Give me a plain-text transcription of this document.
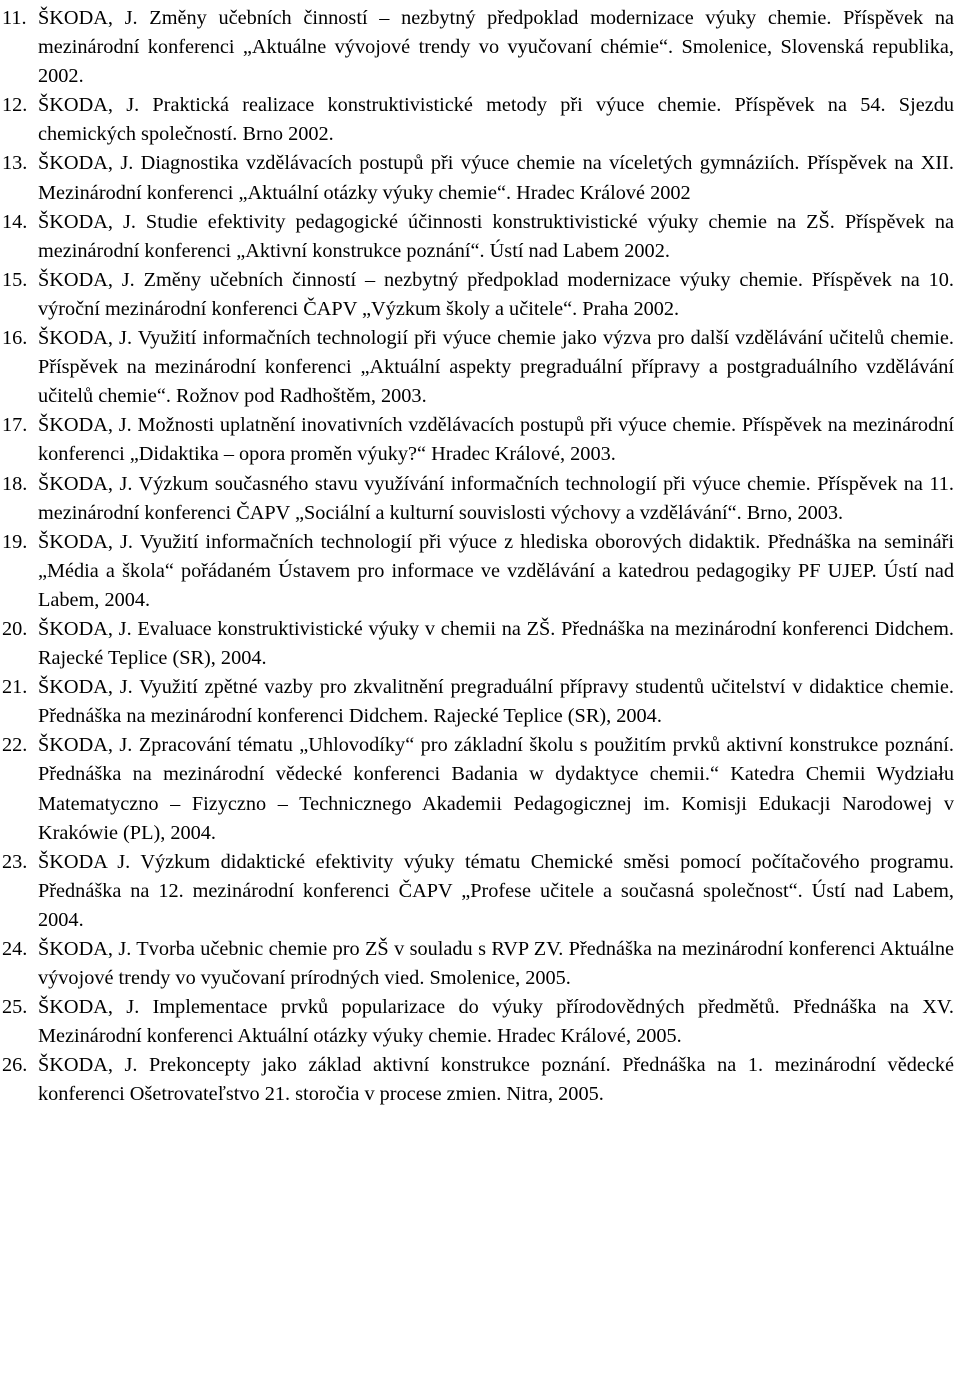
11. ŠKODA, J. Změny učebních činností – nezbytný předpoklad modernizace výuky chemie. Příspěvek na mezinárodní konferenci „Aktuálne vývojové trendy vo vyučovaní chémie“. Smolenice, Slovenská republika, 2002.
12. ŠKODA, J. Praktická realizace konstruktivistické metody při výuce chemie. Příspěvek na 54. Sjezdu chemických společností. Brno 2002.
13. ŠKODA, J. Diagnostika vzdělávacích postupů při výuce chemie na víceletých gymnáziích. Příspěvek na XII. Mezinárodní konferenci „Aktuální otázky výuky chemie“. Hradec Králové 2002
14. ŠKODA, J. Studie efektivity pedagogické účinnosti konstruktivistické výuky chemie na ZŠ. Příspěvek na mezinárodní konferenci „Aktivní konstrukce poznání“. Ústí nad Labem 2002.
15. ŠKODA, J. Změny učebních činností – nezbytný předpoklad modernizace výuky chemie. Příspěvek na 10. výroční mezinárodní konferenci ČAPV „Výzkum školy a učitele“. Praha 2002.
16. ŠKODA, J. Využití informačních technologií při výuce chemie jako výzva pro další vzdělávání učitelů chemie. Příspěvek na mezinárodní konferenci „Aktuální aspekty pregraduální přípravy a postgraduálního vzdělávání učitelů chemie“. Rožnov pod Radhoštěm, 2003.
17. ŠKODA, J. Možnosti uplatnění inovativních vzdělávacích postupů při výuce chemie. Příspěvek na mezinárodní konferenci „Didaktika – opora proměn výuky?“ Hradec Králové, 2003.
18. ŠKODA, J. Výzkum současného stavu využívání informačních technologií při výuce chemie. Příspěvek na 11. mezinárodní konferenci ČAPV „Sociální a kulturní souvislosti výchovy a vzdělávání“. Brno, 2003.
19. ŠKODA, J. Využití informačních technologií při výuce z hlediska oborových didaktik. Přednáška na semináři „Média a škola“ pořádaném Ústavem pro informace ve vzdělávání a katedrou pedagogiky PF UJEP. Ústí nad Labem, 2004.
20. ŠKODA, J. Evaluace konstruktivistické výuky v chemii na ZŠ. Přednáška na mezinárodní konferenci Didchem. Rajecké Teplice (SR), 2004.
21. ŠKODA, J. Využití zpětné vazby pro zkvalitnění pregraduální přípravy studentů učitelství v didaktice chemie. Přednáška na mezinárodní konferenci Didchem. Rajecké Teplice (SR), 2004.
22. ŠKODA, J. Zpracování tématu „Uhlovodíky“ pro základní školu s použitím prvků aktivní konstrukce poznání. Přednáška na mezinárodní vědecké konferenci Badania w dydaktyce chemii.“ Katedra Chemii Wydziału Matematyczno – Fizyczno – Technicznego Akademii Pedagogicznej im. Komisji Edukacji Narodowej v Krakówie (PL), 2004.
23. ŠKODA J. Výzkum didaktické efektivity výuky tématu Chemické směsi pomocí počítačového programu. Přednáška na 12. mezinárodní konferenci ČAPV „Profese učitele a současná společnost“. Ústí nad Labem, 2004.
24. ŠKODA, J. Tvorba učebnic chemie pro ZŠ v souladu s RVP ZV. Přednáška na mezinárodní konferenci Aktuálne vývojové trendy vo vyučovaní prírodných vied. Smolenice, 2005.
25. ŠKODA, J. Implementace prvků popularizace do výuky přírodovědných předmětů. Přednáška na XV. Mezinárodní konferenci Aktuální otázky výuky chemie. Hradec Králové, 2005.
26. ŠKODA, J. Prekoncepty jako základ aktivní konstrukce poznání. Přednáška na 1. mezinárodní vědecké konferenci Ošetrovateľstvo 21. storočia v procese zmien. Nitra, 2005.
